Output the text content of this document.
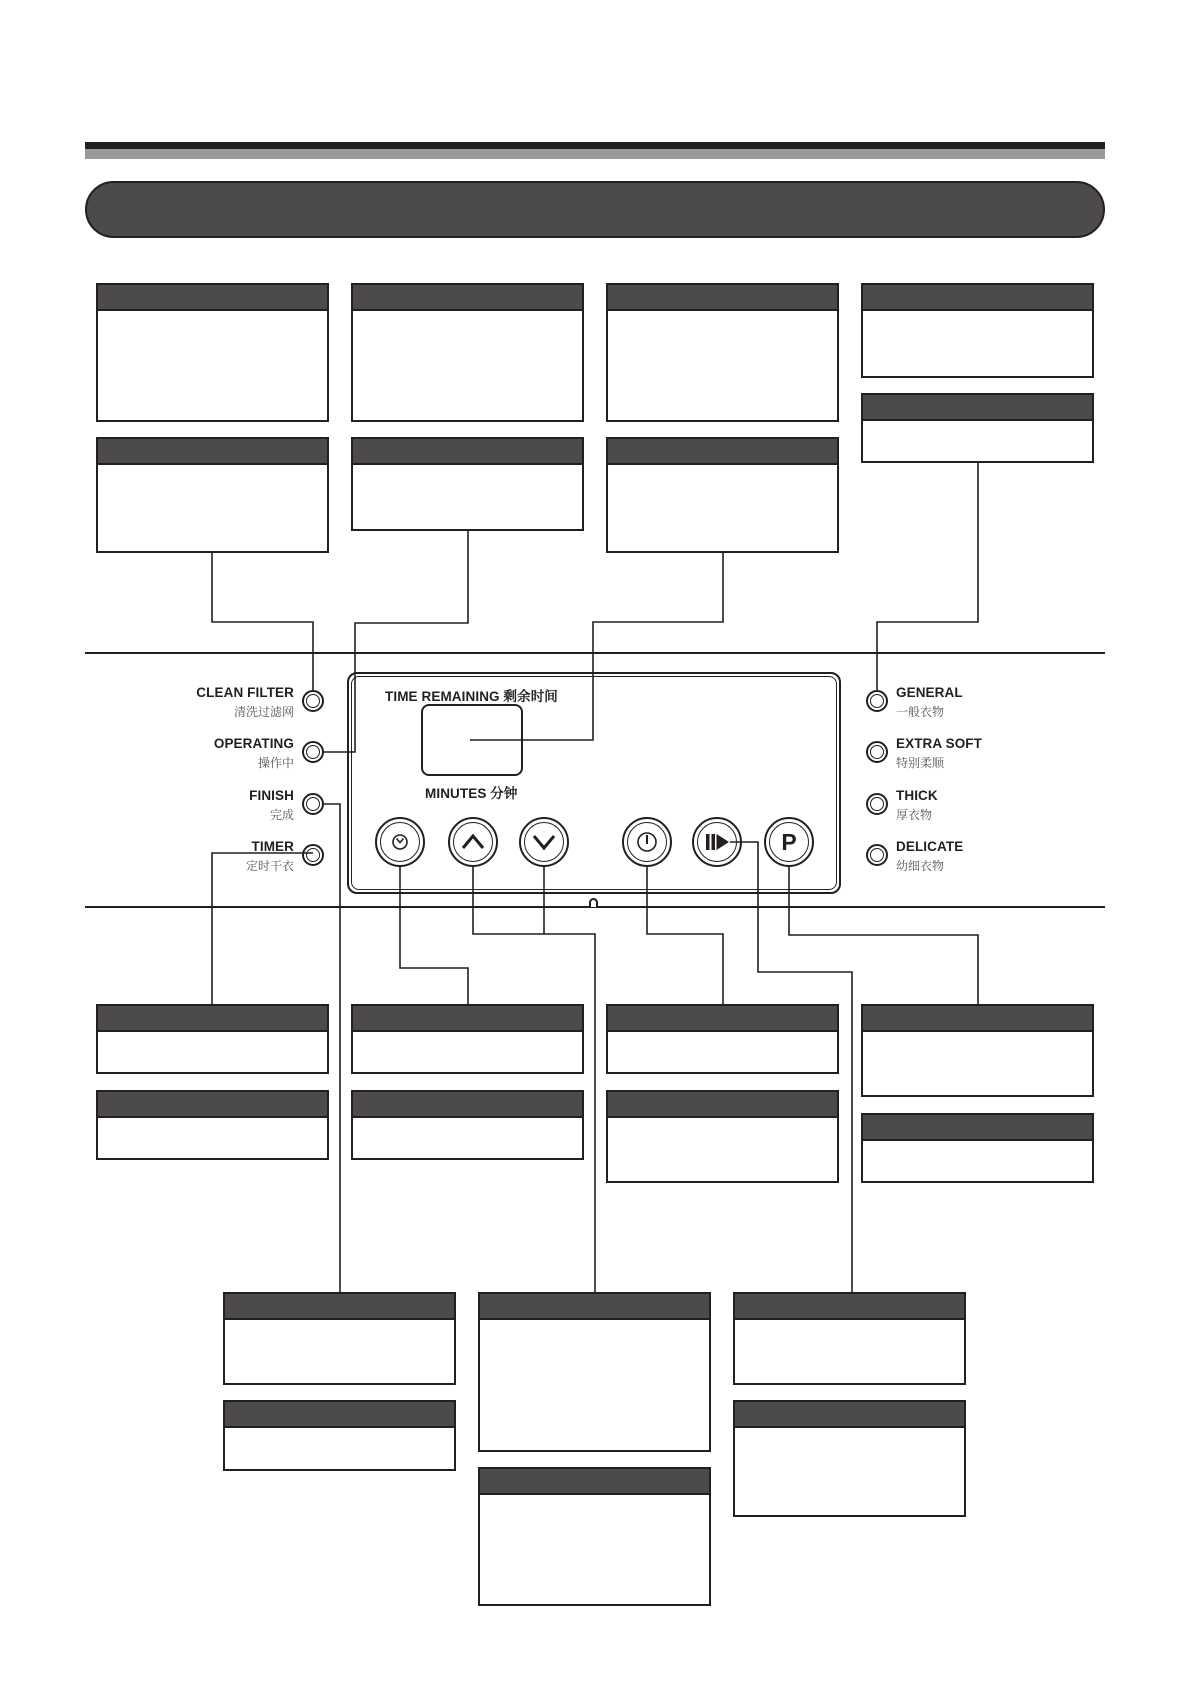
TIME REMAINING 剩余时间
MINUTES 分钟
CLEAN FILTER
清洗过滤网
OPERATING
操作中
FINISH
完成
TIMER
定时干衣
GENERAL
一般衣物
EXTRA SOFT
特别柔顺
THICK
厚衣物
DELICATE
幼细衣物
P
